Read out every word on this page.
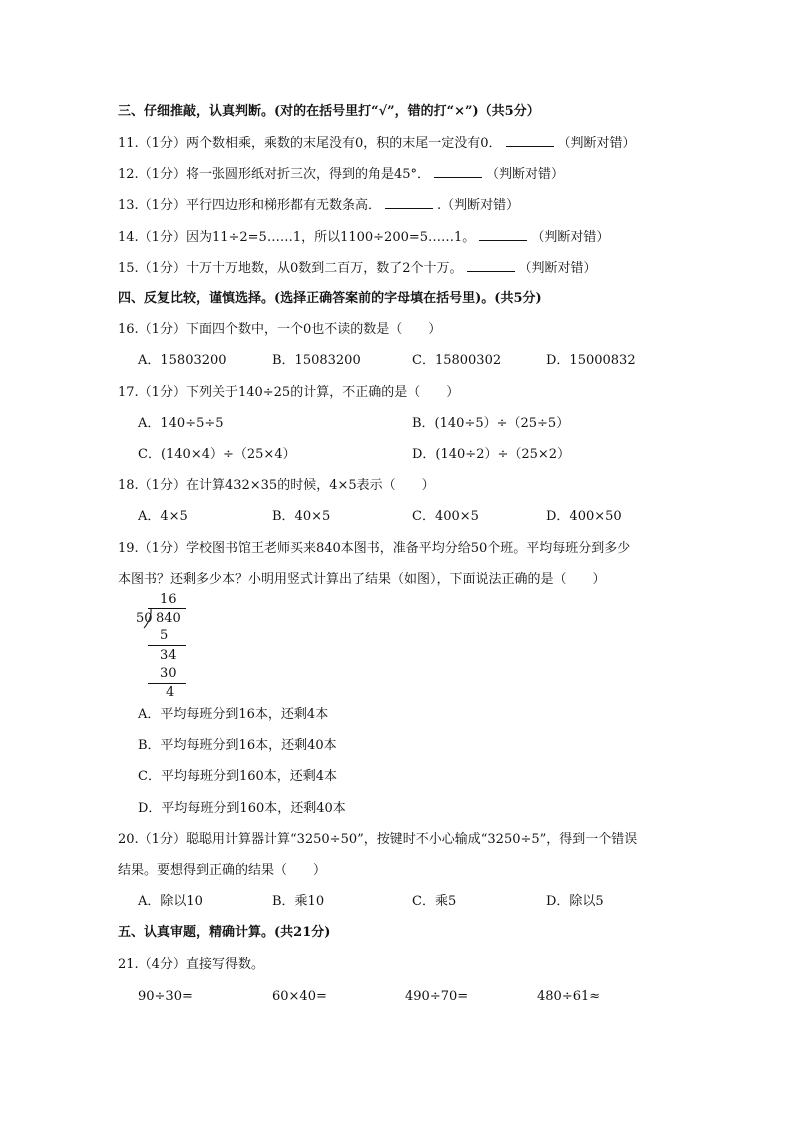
三、仔细推敲，认真判断。(对的在括号里打“√”，错的打“×”)（共5分）
11.（1分）两个数相乘，乘数的末尾没有0，积的末尾一定没有0．	（判断对错）
12.（1分）将一张圆形纸对折三次，得到的角是45°．	（判断对错）
13.（1分）平行四边形和梯形都有无数条高．	.（判断对错）
14.（1分）因为11÷2=5……1，所以1100÷200=5……1。	（判断对错）
15.（1分）十万十万地数，从0数到二百万，数了2个十万。	（判断对错）
四、反复比较，谨慎选择。(选择正确答案前的字母填在括号里)。(共5分)
16.（1分）下面四个数中，一个0也不读的数是（　　）
A．15803200	B．15083200	C．15800302	D．15000832
17.（1分）下列关于140÷25的计算，不正确的是（　　）
A．140÷5÷5	B．(140÷5）÷（25÷5）
C．(140×4）÷（25×4）	D．(140÷2）÷（25×2）
18.（1分）在计算432×35的时候，4×5表示（　　）
A．4×5	B．40×5	C．400×5	D．400×50
19.（1分）学校图书馆王老师买来840本图书，准备平均分给50个班。平均每班分到多少
本图书？还剩多少本？小明用竖式计算出了结果（如图），下面说法正确的是（　　）
16
50 840
5
34
30
4
A．平均每班分到16本，还剩4本
B．平均每班分到16本，还剩40本
C．平均每班分到160本，还剩4本
D．平均每班分到160本，还剩40本
20.（1分）聪聪用计算器计算“3250÷50”，按键时不小心输成“3250÷5”，得到一个错误
结果。要想得到正确的结果（　　）
A．除以10	B．乘10	C．乘5	D．除以5
五、认真审题，精确计算。(共21分)
21.（4分）直接写得数。
90÷30=	60×40=	490÷70=	480÷61≈
